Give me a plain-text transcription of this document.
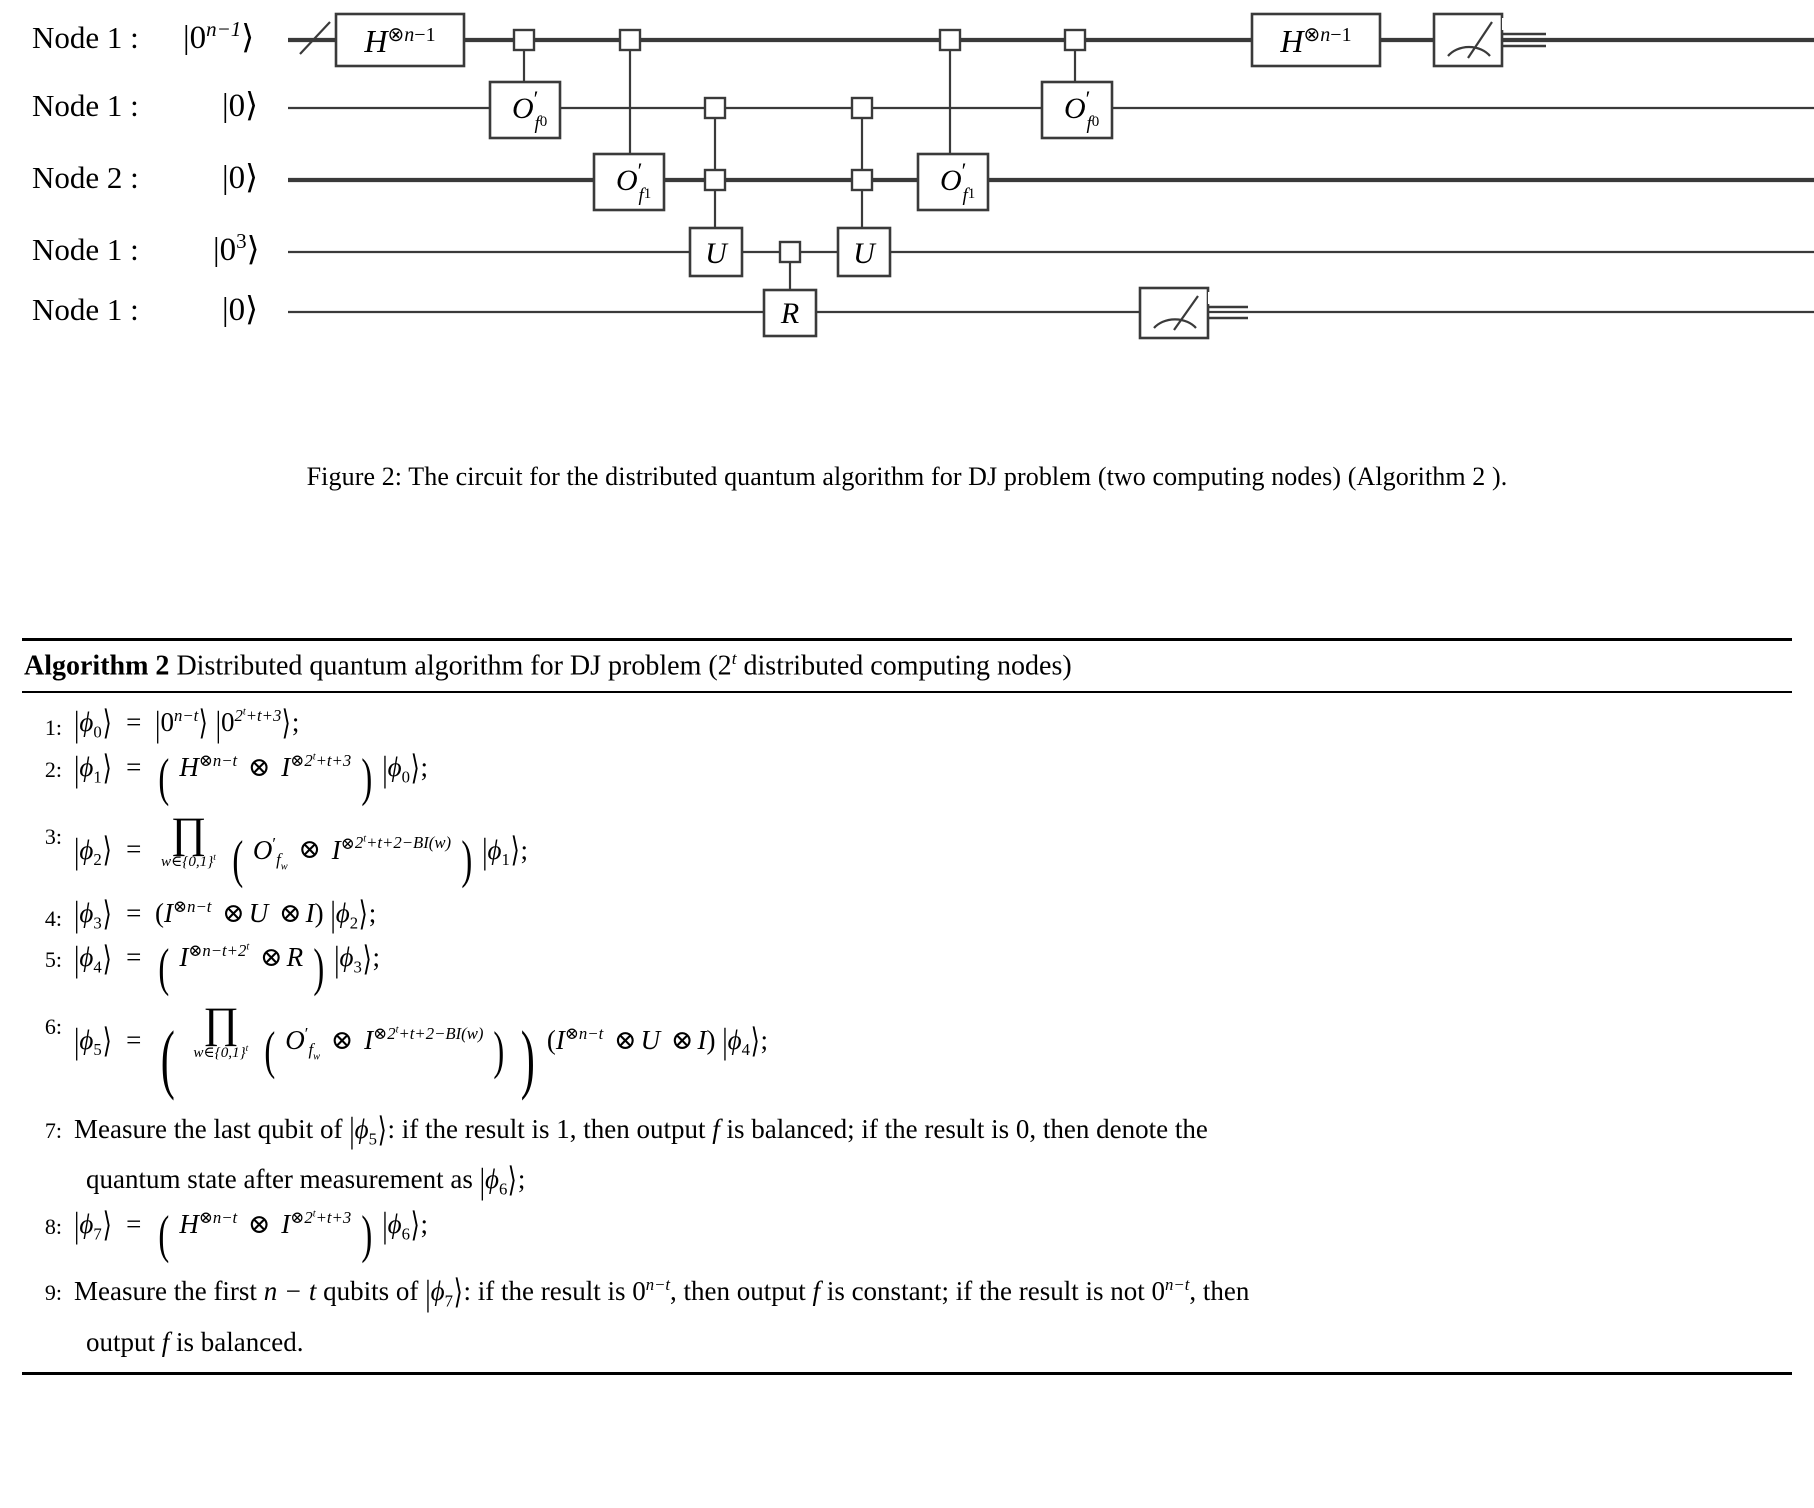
Node 1 : $|0^{n-1}⟩$
Node 1 :	|0⟩
Node 2 :	|0⟩
Node 1 : $|0^3⟩$
Node 1 :	|0⟩
$H^{\otimes n-1}$
O′ $_{f0}$
O′ $_{f1}$
U
R
U
O′ $_{f1}$
O′ $_{f0}$
$H^{\otimes n-1}$
Figure 2: The circuit for the distributed quantum algorithm for DJ problem (two computing nodes) (Algorithm 2 ).
Algorithm 2 Distributed quantum algorithm for DJ problem (2$^t$ distributed computing nodes)
1: $|\phi_0⟩$ = $|0^{n-t}⟩$ $|0^{2^t+t+3}⟩$;
2: $|\phi_1⟩$ = ( $H^{\otimes n-t}$ ⊗ $I^{\otimes 2^t+t+3}$ ) $|\phi_0⟩$;
3: $|\phi_2⟩$ = ∏
$w\in\{0,1\}^t$ ( $O'_{f_w}$ ⊗ $I^{\otimes 2^t+t+2-BI(w)}$ ) $|\phi_1⟩$;
4: $|\phi_3⟩ = (I^{\otimes n-t}$ ⊗ U ⊗ I) $|\phi_2⟩$;
5: $|\phi_4⟩$ = ( $I^{\otimes n-t+2^t}$ ⊗ R ) $|\phi_3⟩$;
6: $|\phi_5⟩$ = ( ∏
$w\in\{0,1\}^t$ ( $O'_{f_w}$ ⊗ $I^{\otimes 2^t+t+2-BI(w)}$ ) ) ($I^{\otimes n-t}$ ⊗ U ⊗ I) $|\phi_4⟩$;
7: Measure the last qubit of $|\phi_5⟩$: if the result is 1, then output f is balanced; if the result is 0, then denote the
quantum state after measurement as $|\phi_6⟩$;
8: $|\phi_7⟩$ = ( $H^{\otimes n-t}$ ⊗ $I^{\otimes 2^t+t+3}$ ) $|\phi_6⟩$;
9: Measure the first n − t qubits of $|\phi_7⟩$: if the result is $0^{n-t}$, then output f is constant; if the result is not $0^{n-t}$, then
output f is balanced.
